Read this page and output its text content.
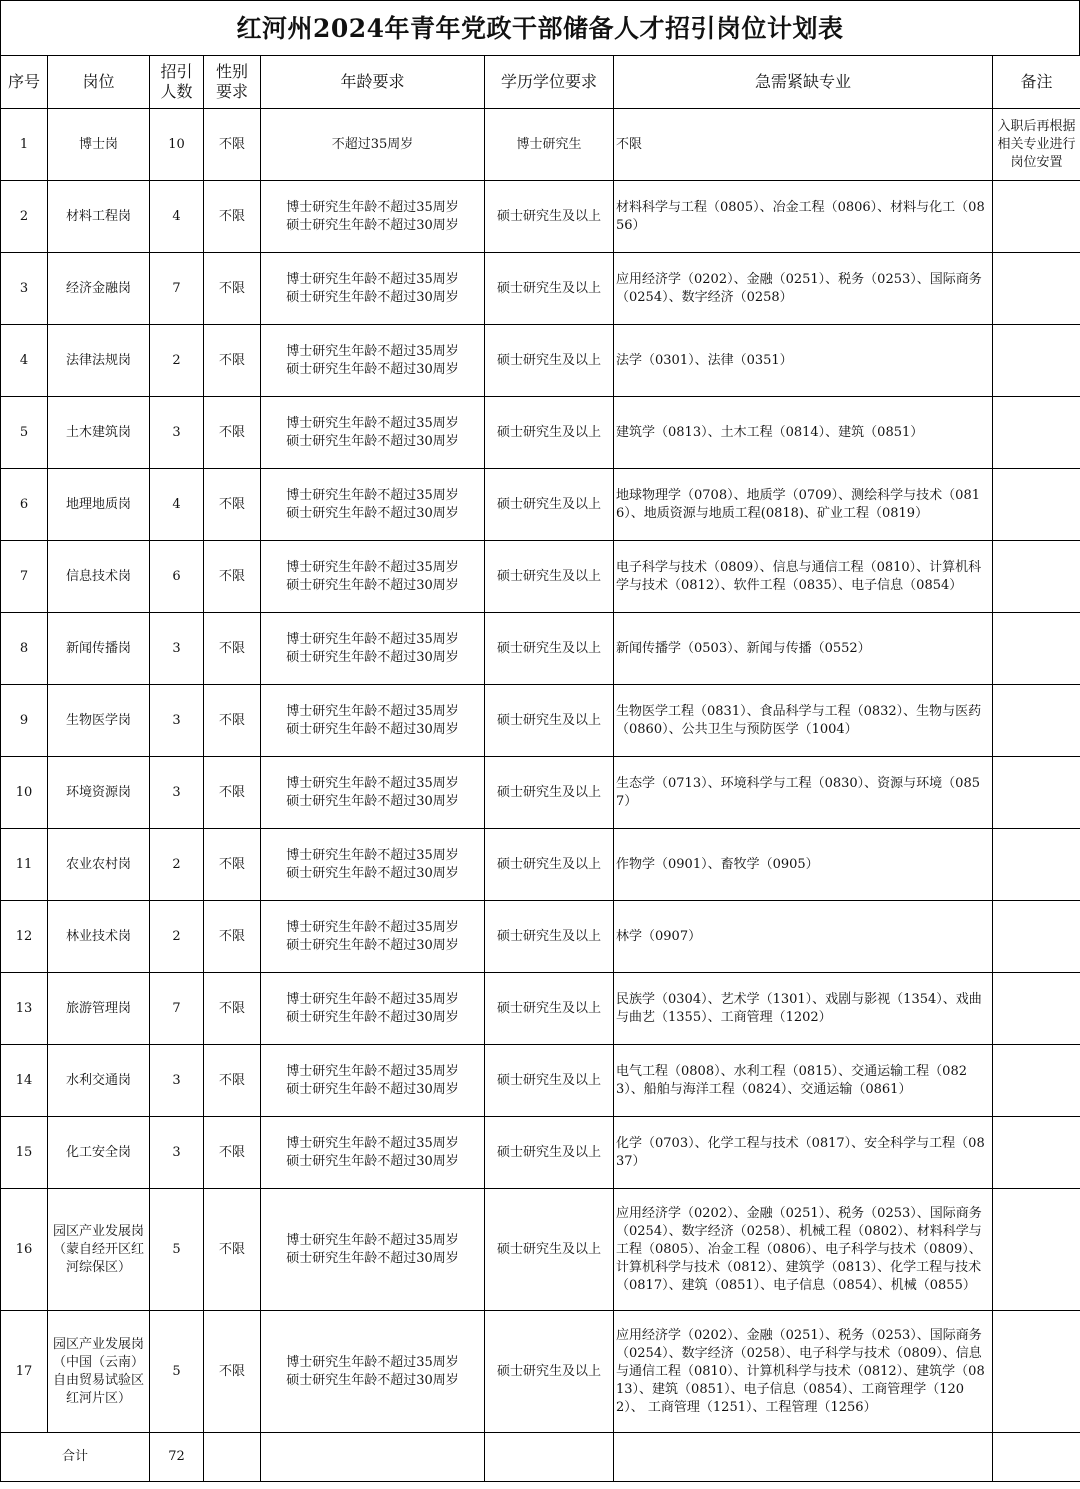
红河州2024年青年党政干部储备人才招引岗位计划表
序号	岗位	招引
人数	性别
要求	年龄要求	学历学位要求	急需紧缺专业	备注
1	博士岗	10	不限	不超过35周岁	博士研究生	不限	入职后再根据相关专业进行岗位安置
2	材料工程岗	4	不限	博士研究生年龄不超过35周岁
硕士研究生年龄不超过30周岁	硕士研究生及以上	材料科学与工程（0805）、冶金工程（0806）、材料与化工（0856）	
3	经济金融岗	7	不限	博士研究生年龄不超过35周岁
硕士研究生年龄不超过30周岁	硕士研究生及以上	应用经济学（0202）、金融（0251）、税务（0253）、国际商务（0254）、数字经济（0258）	
4	法律法规岗	2	不限	博士研究生年龄不超过35周岁
硕士研究生年龄不超过30周岁	硕士研究生及以上	法学（0301）、法律（0351）	
5	土木建筑岗	3	不限	博士研究生年龄不超过35周岁
硕士研究生年龄不超过30周岁	硕士研究生及以上	建筑学（0813）、土木工程（0814）、建筑（0851）	
6	地理地质岗	4	不限	博士研究生年龄不超过35周岁
硕士研究生年龄不超过30周岁	硕士研究生及以上	地球物理学（0708）、地质学（0709）、测绘科学与技术（0816）、地质资源与地质工程(0818)、矿业工程（0819）	
7	信息技术岗	6	不限	博士研究生年龄不超过35周岁
硕士研究生年龄不超过30周岁	硕士研究生及以上	电子科学与技术（0809）、信息与通信工程（0810）、计算机科学与技术（0812）、软件工程（0835）、电子信息（0854）	
8	新闻传播岗	3	不限	博士研究生年龄不超过35周岁
硕士研究生年龄不超过30周岁	硕士研究生及以上	新闻传播学（0503）、新闻与传播（0552）	
9	生物医学岗	3	不限	博士研究生年龄不超过35周岁
硕士研究生年龄不超过30周岁	硕士研究生及以上	生物医学工程（0831）、食品科学与工程（0832）、生物与医药（0860）、公共卫生与预防医学（1004）	
10	环境资源岗	3	不限	博士研究生年龄不超过35周岁
硕士研究生年龄不超过30周岁	硕士研究生及以上	生态学（0713）、环境科学与工程（0830）、资源与环境（0857）	
11	农业农村岗	2	不限	博士研究生年龄不超过35周岁
硕士研究生年龄不超过30周岁	硕士研究生及以上	作物学（0901）、畜牧学（0905）	
12	林业技术岗	2	不限	博士研究生年龄不超过35周岁
硕士研究生年龄不超过30周岁	硕士研究生及以上	林学（0907）	
13	旅游管理岗	7	不限	博士研究生年龄不超过35周岁
硕士研究生年龄不超过30周岁	硕士研究生及以上	民族学（0304）、艺术学（1301）、戏剧与影视（1354）、戏曲与曲艺（1355）、工商管理（1202）	
14	水利交通岗	3	不限	博士研究生年龄不超过35周岁
硕士研究生年龄不超过30周岁	硕士研究生及以上	电气工程（0808）、水利工程（0815）、交通运输工程（0823）、船舶与海洋工程（0824）、交通运输（0861）	
15	化工安全岗	3	不限	博士研究生年龄不超过35周岁
硕士研究生年龄不超过30周岁	硕士研究生及以上	化学（0703）、化学工程与技术（0817）、安全科学与工程（0837）	
16	园区产业发展岗（蒙自经开区红河综保区）	5	不限	博士研究生年龄不超过35周岁
硕士研究生年龄不超过30周岁	硕士研究生及以上	应用经济学（0202）、金融（0251）、税务（0253）、国际商务（0254）、数字经济（0258）、机械工程（0802）、材料科学与工程（0805）、冶金工程（0806）、电子科学与技术（0809）、计算机科学与技术（0812）、建筑学（0813）、化学工程与技术（0817）、建筑（0851）、电子信息（0854）、机械（0855）	
17	园区产业发展岗（中国（云南）自由贸易试验区红河片区）	5	不限	博士研究生年龄不超过35周岁
硕士研究生年龄不超过30周岁	硕士研究生及以上	应用经济学（0202）、金融（0251）、税务（0253）、国际商务（0254）、数字经济（0258）、电子科学与技术（0809）、信息与通信工程（0810）、计算机科学与技术（0812）、建筑学（0813）、建筑（0851）、电子信息（0854）、工商管理学（1202）、 工商管理（1251）、工程管理（1256）	
合计		72					
